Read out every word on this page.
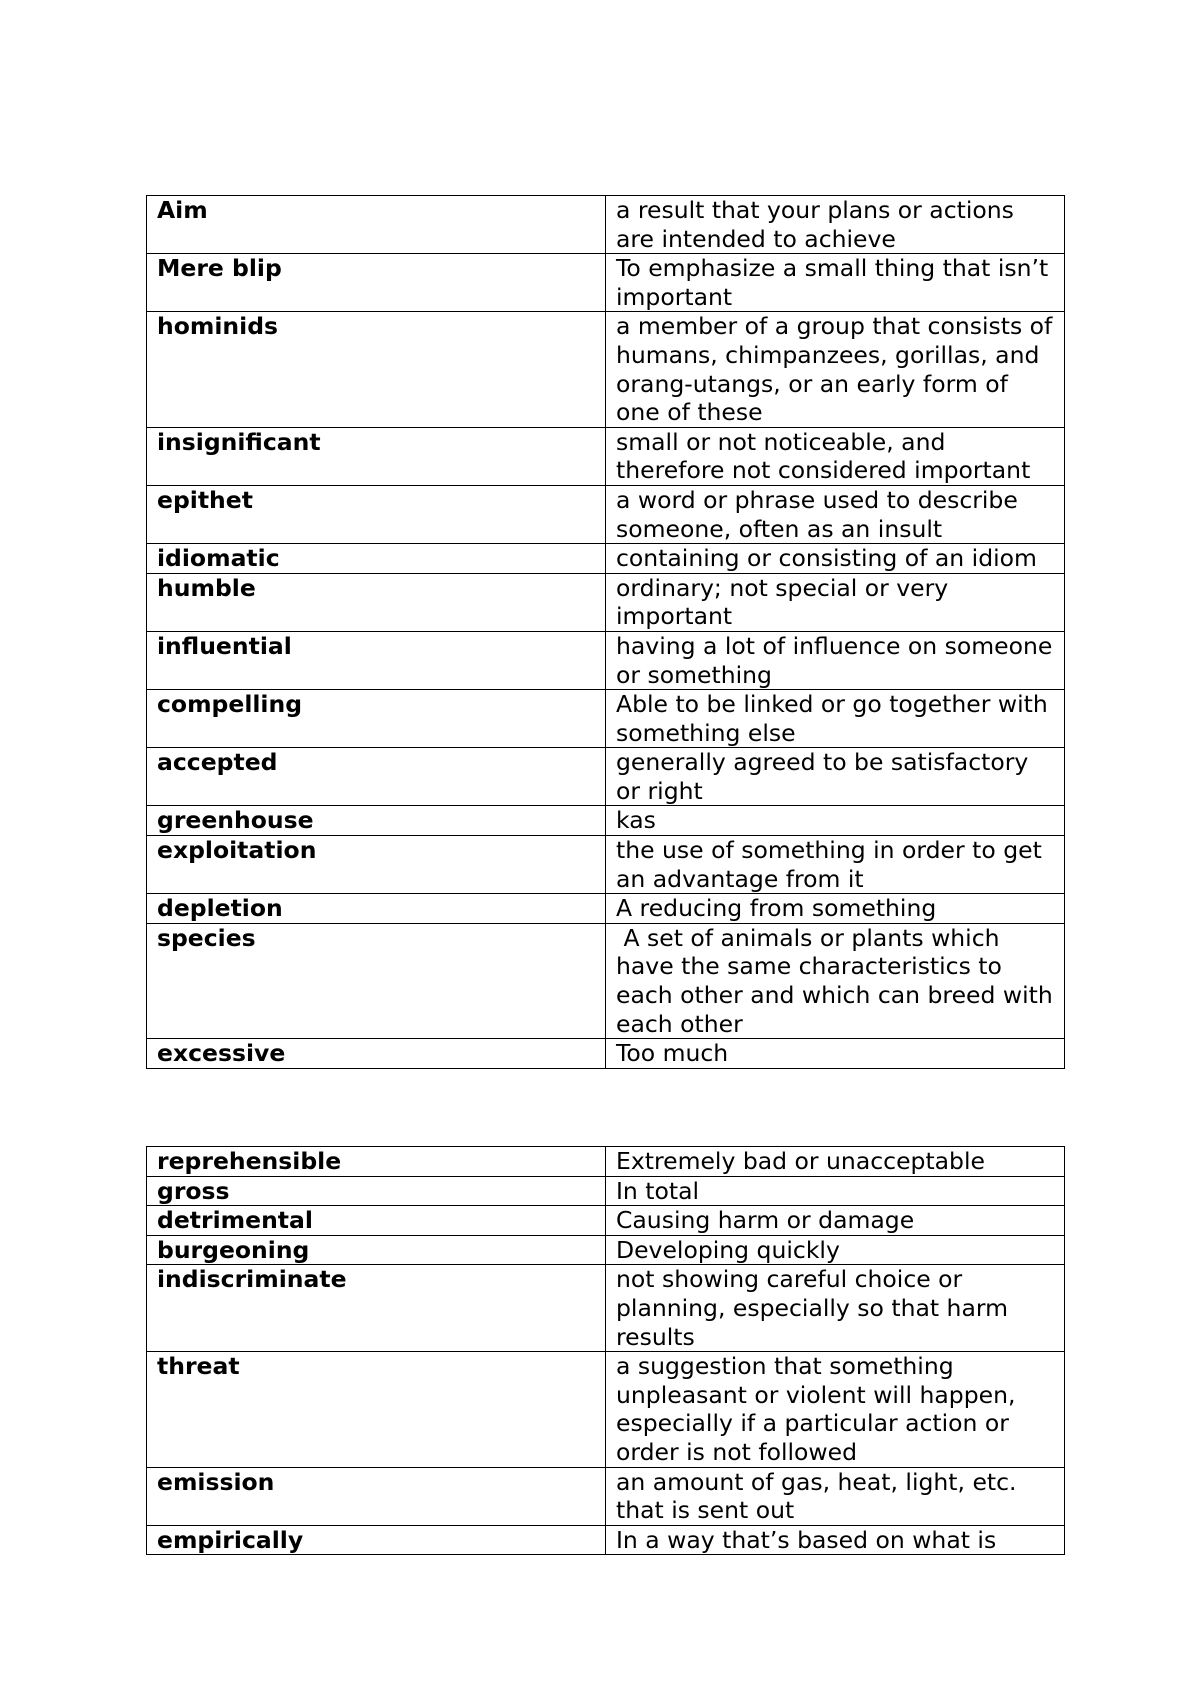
Aim	a result that your plans or actions are intended to achieve
Mere blip	To emphasize a small thing that isn’t important
hominids	a member of a group that consists of humans, chimpanzees, gorillas, and orang-utangs, or an early form of one of these
insignificant	small or not noticeable, and therefore not considered important
epithet	a word or phrase used to describe someone, often as an insult
idiomatic	containing or consisting of an idiom
humble	ordinary; not special or very important
influential	having a lot of influence on someone or something
compelling	Able to be linked or go together with something else
accepted	generally agreed to be satisfactory or right
greenhouse	kas
exploitation	the use of something in order to get an advantage from it
depletion	A reducing from something
species	A set of animals or plants which have the same characteristics to each other and which can breed with each other
excessive	Too much
reprehensible	Extremely bad or unacceptable
gross	In total
detrimental	Causing harm or damage
burgeoning	Developing quickly
indiscriminate	not showing careful choice or planning, especially so that harm results
threat	a suggestion that something unpleasant or violent will happen, especially if a particular action or order is not followed
emission	an amount of gas, heat, light, etc. that is sent out
empirically	In a way that’s based on what is
